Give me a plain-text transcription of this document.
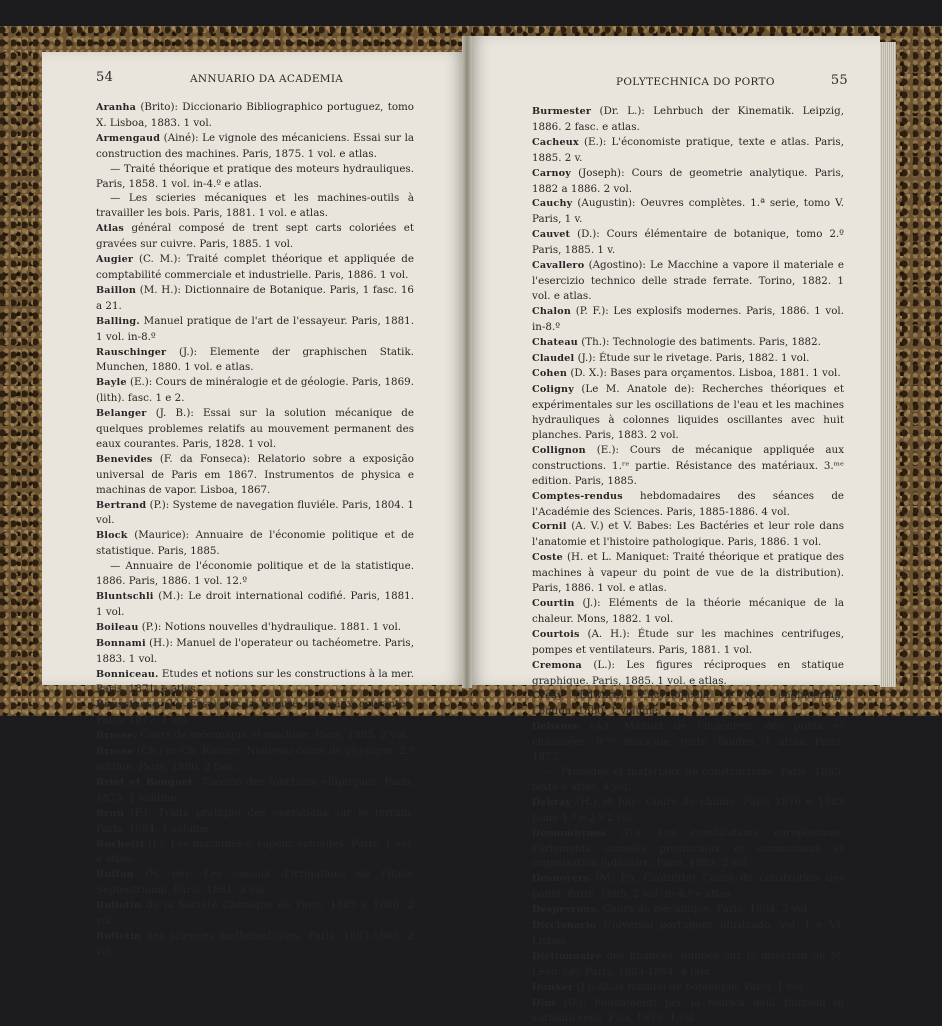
54	ANNUARIO DA ACADEMIA

Aranha (Brito): Diccionario Bibliographico portuguez, tomo X. Lisboa, 1883. 1 vol.

Armengaud (Ainé): Le vignole des mécaniciens. Essai sur la construction des machines. Paris, 1875. 1 vol. e atlas.

— Traité théorique et pratique des moteurs hydrauliques. Paris, 1858. 1 vol. in-4.º e atlas.

— Les scieries mécaniques et les machines-outils à travailler les bois. Paris, 1881. 1 vol. e atlas.

Atlas général composé de trent sept carts coloriées et gravées sur cuivre. Paris, 1885. 1 vol.

Augier (C. M.): Traité complet théorique et appliquée de comptabilité commerciale et industrielle. Paris, 1886. 1 vol.

Baillon (M. H.): Dictionnaire de Botanique. Paris, 1 fasc. 16 a 21.

Balling. Manuel pratique de l'art de l'essayeur. Paris, 1881. 1 vol. in-8.º

Rauschinger (J.): Elemente der graphischen Statik. Munchen, 1880. 1 vol. e atlas.

Bayle (E.): Cours de minéralogie et de géologie. Paris, 1869. (lith). fasc. 1 e 2.

Belanger (J. B.): Essai sur la solution mécanique de quelques problemes relatifs au mouvement permanent des eaux courantes. Paris, 1828. 1 vol.

Benevides (F. da Fonseca): Relatorio sobre a exposição universal de Paris em 1867. Instrumentos de physica e machinas de vapor. Lisboa, 1867.

Bertrand (P.): Systeme de navegation fluviéle. Paris, 1804. 1 vol.

Block (Maurice): Annuaire de l'économie politique et de statistique. Paris, 1885.

— Annuaire de l'économie politique et de la statistique. 1886. Paris, 1886. 1 vol. 12.º

Bluntschli (M.): Le droit international codifié. Paris, 1881. 1 vol.

Boileau (P.): Notions nouvelles d'hydraulique. 1881. 1 vol.

Bonnami (H.): Manuel de l'operateur ou tachéometre. Paris, 1883. 1 vol.

Bonniceau. Etudes et notions sur les constructions à la mer. Paris, 1871. e atlas.

Boussinesq (J.): Essai sur la théorie des eaux courantes. Paris, 1877. 1 vol.

Bresse. Cours de mécanique et machine. Paris, 1885. 2 vol.

Bresse (Ch.) et Ch. Rivière: Nouveau cours de physique. 2.ª edition. Paris, 1886. 2 fasc.

Briot et Bouquet. Théorie des fonctions elliptiques. Paris, 1875. 1 volume.

Brun (F.): Traité pratique des operations sur le terrain. Paris, 1884. 1 volume.

Buchetti (J.): Les machines à vapeur actuelles. Paris. 1 vol. e atlas.

Buffon (N. de): Les canaux d'irrigations de l'Italie Septentrional. Paris, 1861. 3 vol.

Bulletin de la Société Chimique de Paris, 1885 e 1886. 2 vol.

Bulletin des sciences mathématiques. Paris, 1885-1886. 2 vol.

POLYTECHNICA DO PORTO	55

Burmester (Dr. L.): Lehrbuch der Kinematik. Leipzig, 1886. 2 fasc. e atlas.

Cacheux (E.): L'économiste pratique, texte e atlas. Paris, 1885. 2 v.

Carnoy (Joseph): Cours de geometrie analytique. Paris, 1882 a 1886. 2 vol.

Cauchy (Augustin): Oeuvres complètes. 1.ª serie, tomo V. Paris, 1 v.

Cauvet (D.): Cours élémentaire de botanique, tomo 2.º Paris, 1885. 1 v.

Cavallero (Agostino): Le Macchine a vapore il materiale e l'esercizio technico delle strade ferrate. Torino, 1882. 1 vol. e atlas.

Chalon (P. F.): Les explosifs modernes. Paris, 1886. 1 vol. in-8.º

Chateau (Th.): Technologie des batiments. Paris, 1882.

Claudel (J.): Étude sur le rivetage. Paris, 1882. 1 vol.

Cohen (D. X.): Bases para orçamentos. Lisboa, 1881. 1 vol.

Coligny (Le M. Anatole de): Recherches théoriques et expérimentales sur les oscillations de l'eau et les machines hydrauliques à colonnes liquides oscillantes avec huit planches. Paris, 1883. 2 vol.

Collignon (E.): Cours de mécanique appliquée aux constructions. 1.ʳᵉ partie. Résistance des matériaux. 3.ᵐᵉ edition. Paris, 1885.

Comptes-rendus hebdomadaires des séances de l'Académie des Sciences. Paris, 1885-1886. 4 vol.

Cornil (A. V.) et V. Babes: Les Bactéries et leur role dans l'anatomie et l'histoire pathologique. Paris, 1886. 1 vol.

Coste (H. et L. Maniquet: Traité théorique et pratique des machines à vapeur du point de vue de la distribution). Paris, 1886. 1 vol. e atlas.

Courtin (J.): Eléments de la théorie mécanique de la chaleur. Mons, 1882. 1 vol.

Courtois (A. H.): Étude sur les machines centrifuges, pompes et ventilateurs. Paris, 1881. 1 vol.

Cremona (L.): Les figures réciproques en statique graphique. Paris, 1885. 1 vol. e atlas.

Cresy (Edward): Encyclopedia of civil engineering. London, 1880. 1 volume.

Debauve (A.): Manuel de l'ingénieur des ponts et chaussées. 9.ᵐᵉ fascicule, texte. Routes, 1 atlas. Paris, 1873.

— Procédés et matériaux de constructions. Paris, 1885, texte e atlas, 4 vol.

Debray (H.) et Joly: Cours de chimie. Paris 1876 e 1883 tomo 1.º e 2.º 2 vol.

Demombynes (G.): Les constitutions européennes. Parlements conseils provinciaux et communaux et organisation judiciaire. Paris, 1883. 2 vol.

Desnoyers (M. Ph. Croizette) Cours de constrution des ponts. Paris, 1885, 2 vol. in-4.º e atlas.

Despeyrous. Cours de mécanique. Paris, 1884. 2 vol.

Diccionario Universal portuguez illustrado, vol. I e VI. Lisboa.

Dictionnaire des finances, publiée sur la direction de M. Léon Say. Paris, 1883-1884. 4 fasc.

Dunker (J.): Atlas manuel de botanique. Paris. 1 vol.

Dini (U.): Fondamenti per la teorica delli funzioni di variabili reali. Pisa, 1878. 1 vol.
